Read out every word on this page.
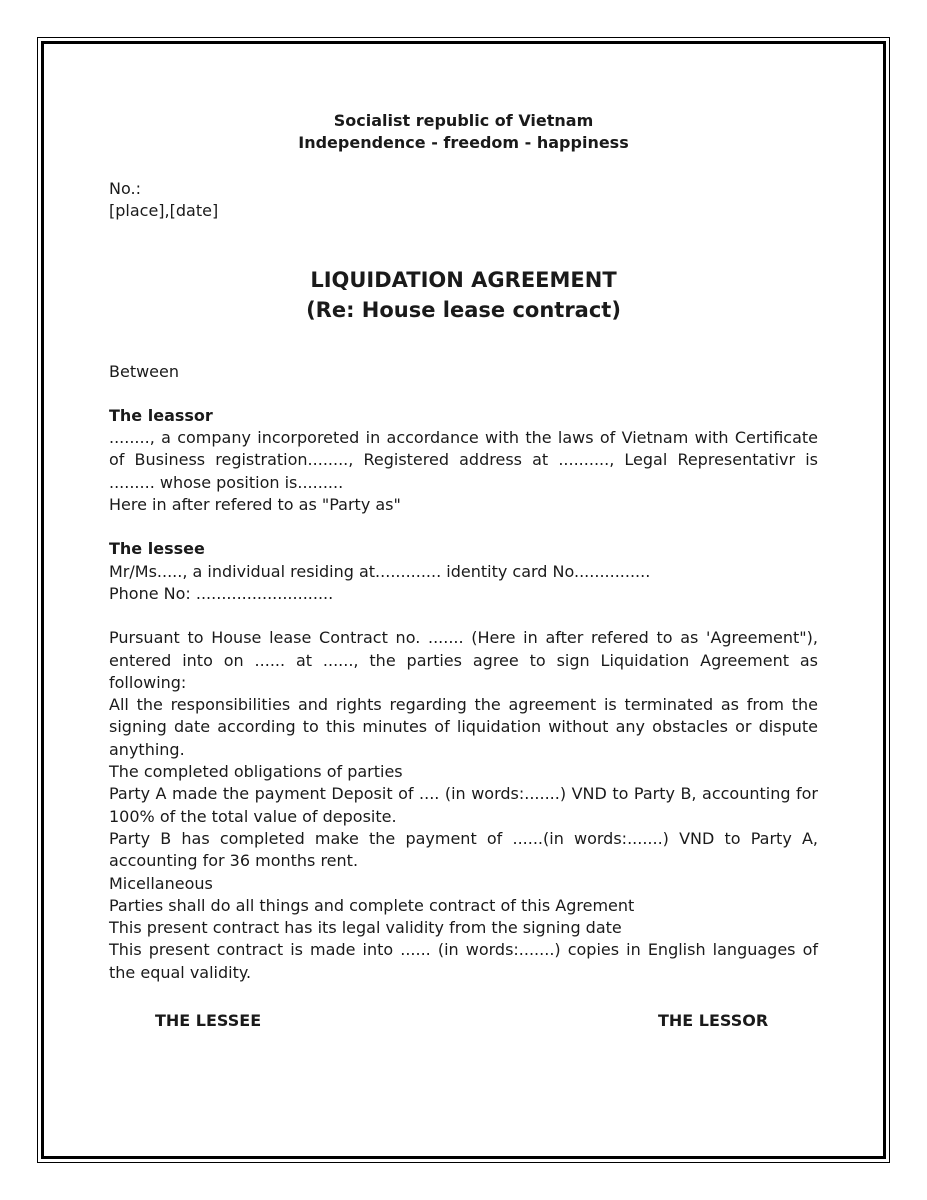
Socialist republic of Vietnam
Independence - freedom - happiness
No.:
[place],[date]
LIQUIDATION AGREEMENT
(Re: House lease contract)
Between
The leassor
........, a company incorporeted in accordance with the laws of Vietnam with Certificate of Business registration........, Registered address at .........., Legal Representativr is ......... whose position is.........
Here in after refered to as "Party as"
The lessee
Mr/Ms....., a individual residing at............. identity card No...............
Phone No: ...........................
Pursuant to House lease Contract no. ....... (Here in after refered to as 'Agreement"), entered into on ...... at ......, the parties agree to sign Liquidation Agreement as following:
All the responsibilities and rights regarding the agreement is terminated as from the signing date according to this minutes of liquidation without any obstacles or dispute anything.
The completed obligations of parties
Party A made the payment Deposit of .... (in words:.......) VND to Party B, accounting for 100% of the total value of deposite.
Party B has completed make the payment of ......(in words:.......) VND to Party A, accounting for 36 months rent.
Micellaneous
Parties shall do all things and complete contract of this Agrement
This present contract has its legal validity from the signing date
This present contract is made into ...... (in words:.......) copies in English languages of the equal validity.
THE LESSEE	THE LESSOR
